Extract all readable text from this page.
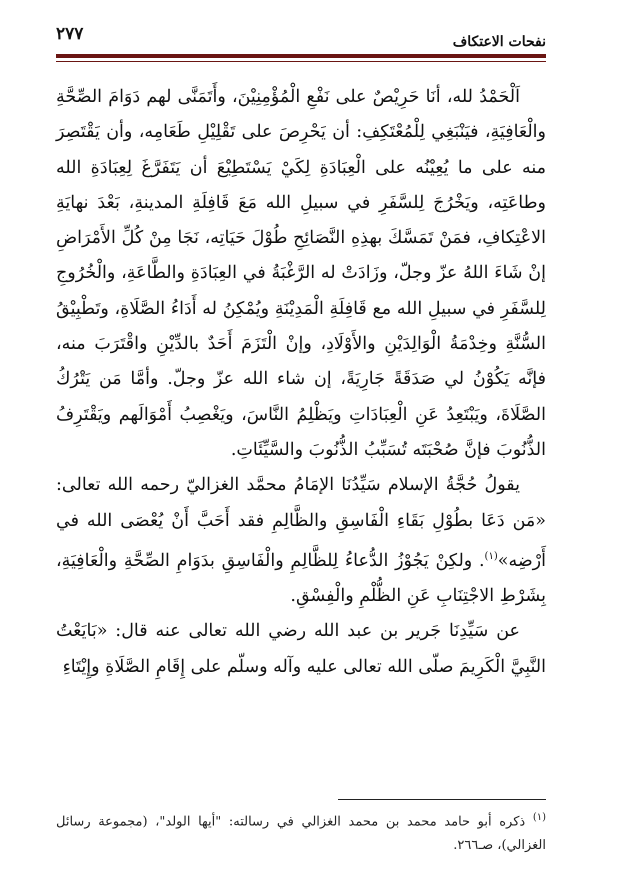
نفحات الاعتكاف
٢٧٧

اَلْحَمْدُ لله، أنَا حَرِيْصٌ على نَفْعِ الْمُؤْمِنِيْنَ، وأَتَمَنَّى لهم دَوَامَ الصِّحَّةِ والْعَافِيَةِ، فيَنْبَغِي لِلْمُعْتَكِفِ: أن يَحْرِصَ على تَقْلِيْلِ طَعَامِه، وأن يَقْتَصِرَ منه على ما يُعِيْنُه على الْعِبَادَةِ لِكَيْ يَسْتَطِيْعَ أن يَتَفَرَّغَ لِعِبَادَةِ الله وطاعَتِه، ويَخْرُجَ لِلسَّفَرِ في سبيلِ الله مَعَ قَافِلَةِ المدينةِ، بَعْدَ نهايَةِ الاعْتِكافِ، فمَنْ تَمَسَّكَ بهذِهِ النَّصَائِحِ طُوْلَ حَيَاتِه، نَجَا مِنْ كُلِّ الأَمْرَاضِ إنْ شَاءَ اللهُ عزّ وجلّ، وزَادَتْ له الرَّغْبَةُ في العِبَادَةِ والطَّاعَةِ، والْخُرُوجِ لِلسَّفَرِ في سبيلِ الله مع قَافِلَةِ الْمَدِيْنَةِ ويُمْكِنُ له أَدَاءُ الصَّلَاةِ، وتَطْبِيْقُ السُّنَّةِ وخِدْمَةُ الْوَالِدَيْنِ والأَوْلَادِ، وإنْ الْتَزَمَ أَحَدٌ بالدِّيْنِ واقْتَرَبَ منه، فإنَّه يَكُوْنُ لي صَدَقَةً جَارِيَةً، إن شاء الله عزّ وجلّ. وأمَّا مَن يَتْرُكُ الصَّلَاةَ، ويَبْتَعِدُ عَنِ الْعِبَادَاتِ ويَظْلِمُ النَّاسَ، ويَغْصِبُ أَمْوَالَهم ويَقْتَرِفُ الذُّنُوبَ فإنَّ صُحْبَتَه تُسَبِّبُ الذُّنُوبَ والسَّيِّئَاتِ.

يقولُ حُجَّةُ الإسلام سَيِّدُنَا الإمَامُ محمَّد الغزاليّ رحمه الله تعالى: «مَن دَعَا بطُوْلِ بَقَاءِ الْفَاسِقِ والظَّالِمِ فقد أَحَبَّ أَنْ يُعْصَى الله في أَرْضِه»$^{(١)}$. ولكِنْ يَجُوْزُ الدُّعاءُ لِلظَّالِمِ والْفَاسِقِ بدَوَامِ الصِّحَّةِ والْعَافِيَةِ، بِشَرْطِ الاجْتِنَابِ عَنِ الظُّلْمِ والْفِسْقِ.

عن سَيِّدِنَا جَرير بن عبد الله رضي الله تعالى عنه قال: «بَايَعْتُ النَّبِيَّ الْكَرِيمَ صلّى الله تعالى عليه وآله وسلّم على إِقَامِ الصَّلَاةِ وإِيْتَاءِ

$^{(١)}$ ذكره أبو حامد محمد بن محمد الغزالي في رسالته: "أيها الولد"، (مجموعة رسائل الغزالي)، صـ٢٦٦.
